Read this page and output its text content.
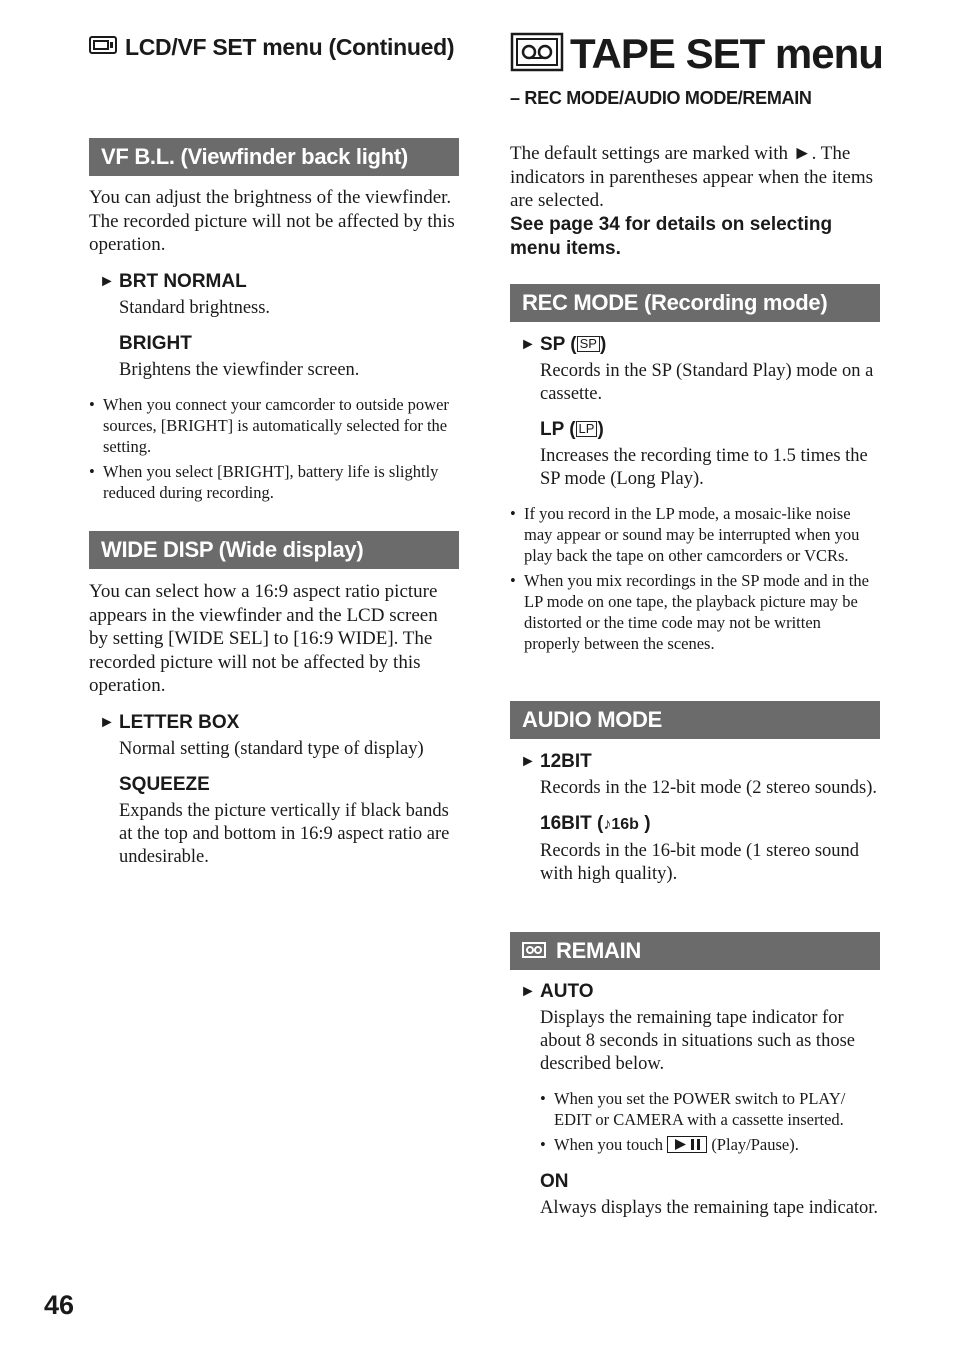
LCD/VF SET menu (Continued)
VF B.L. (Viewfinder back light)

You can adjust the brightness of the viewfinder. The recorded picture will not be affected by this operation.

► BRT NORMAL

Standard brightness.

BRIGHT

Brightens the viewfinder screen.

• When you connect your camcorder to outside power sources, [BRIGHT] is automatically selected for the setting.
• When you select [BRIGHT], battery life is slightly reduced during recording.
WIDE DISP (Wide display)

You can select how a 16:9 aspect ratio picture appears in the viewfinder and the LCD screen by setting [WIDE SEL] to [16:9 WIDE]. The recorded picture will not be affected by this operation.

► LETTER BOX

Normal setting (standard type of display)

SQUEEZE

Expands the picture vertically if black bands at the top and bottom in 16:9 aspect ratio are undesirable.

TAPE SET menu
– REC MODE/AUDIO MODE/REMAIN

The default settings are marked with ►. The indicators in parentheses appear when the items are selected.

See page 34 for details on selecting menu items.

REC MODE (Recording mode)

► SP ( SP )

Records in the SP (Standard Play) mode on a cassette.

LP ( LP )

Increases the recording time to 1.5 times the SP mode (Long Play).

• If you record in the LP mode, a mosaic-like noise may appear or sound may be interrupted when you play back the tape on other camcorders or VCRs.
• When you mix recordings in the SP mode and in the LP mode on one tape, the playback picture may be distorted or the time code may not be written properly between the scenes.
AUDIO MODE

► 12BIT

Records in the 12-bit mode (2 stereo sounds).

16BIT (♪16b )

Records in the 16-bit mode (1 stereo sound with high quality).

REMAIN

► AUTO

Displays the remaining tape indicator for about 8 seconds in situations such as those described below.

• When you set the POWER switch to PLAY/ EDIT or CAMERA with a cassette inserted.
• When you touch	(Play/Pause).

ON

Always displays the remaining tape indicator.

46
